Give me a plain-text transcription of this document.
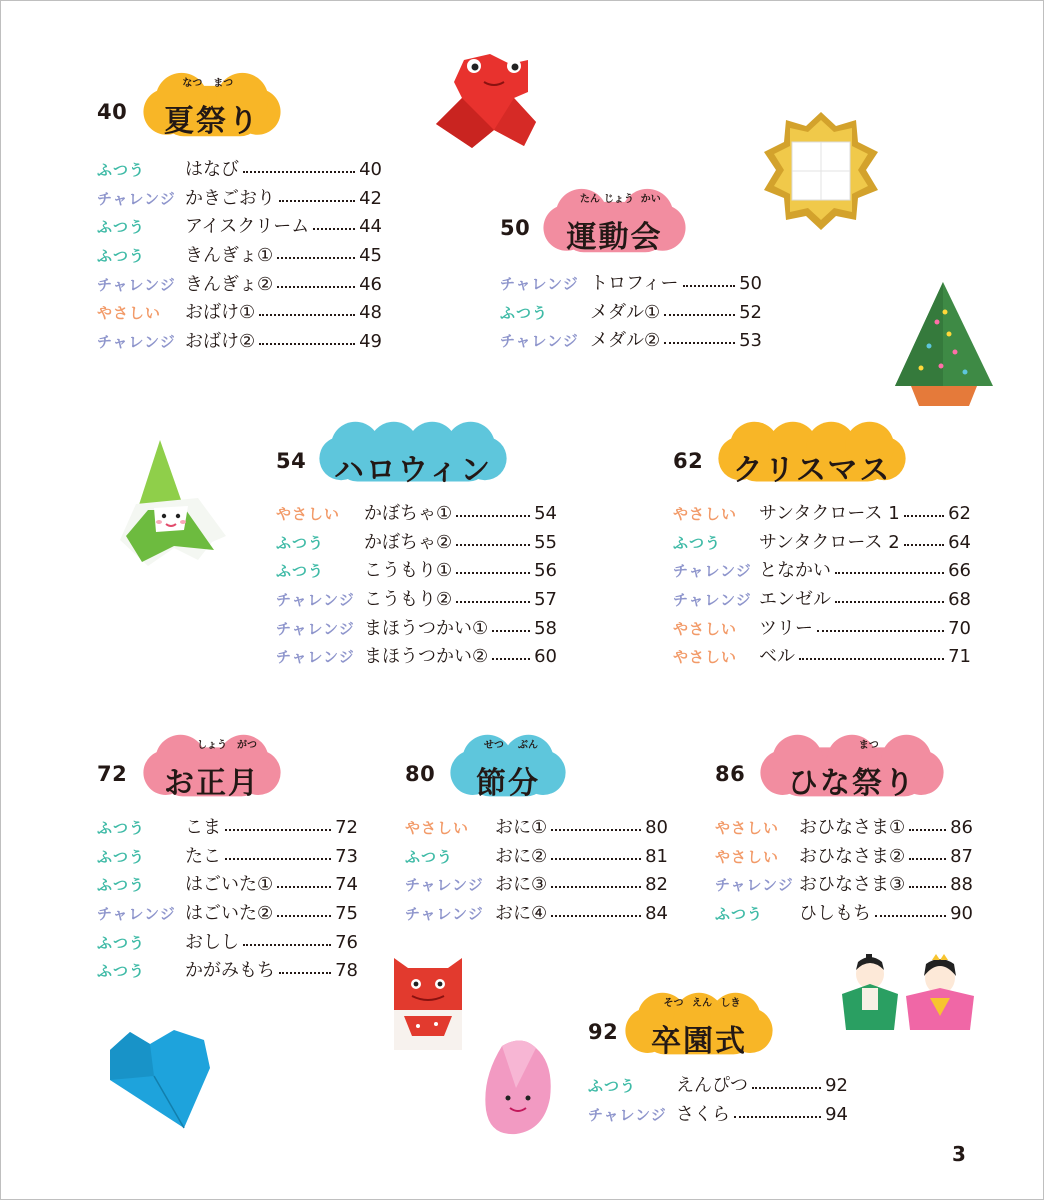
40
なつ まつ
夏祭り
ふつう はなび	40
チャレンジ かきごおり	42
ふつう アイスクリーム	44
ふつう きんぎょ①	45
チャレンジ きんぎょ②	46
やさしい おばけ①	48
チャレンジ おばけ②	49
50
たん じょう かい
運動会
チャレンジ トロフィー	50
ふつう メダル①	52
チャレンジ メダル②	53
54 ハロウィン
やさしい かぼちゃ①	54
ふつう かぼちゃ②	55
ふつう こうもり①	56
チャレンジ こうもり②	57
チャレンジ まほうつかい①	58
チャレンジ まほうつかい②	60
62 クリスマス
やさしい サンタクロース 1	62
ふつう サンタクロース 2	64
チャレンジ となかい	66
チャレンジ エンゼル	68
やさしい ツリー	70
やさしい ベル	71
72
しょう がつ
お正月
ふつう こま	72
ふつう たこ	73
ふつう はごいた①	74
チャレンジ はごいた②	75
ふつう おしし	76
ふつう かがみもち	78
80
せつ ぶん
節分
やさしい おに①	80
ふつう おに②	81
チャレンジ おに③	82
チャレンジ おに④	84
86
まつ
ひな祭り
やさしい おひなさま① 86
やさしい おひなさま② 87
チャレンジ おひなさま③ 88
ふつう ひしもち	90
92
そつ えん しき
卒園式
ふつう えんぴつ	92
チャレンジ さくら	94
3
